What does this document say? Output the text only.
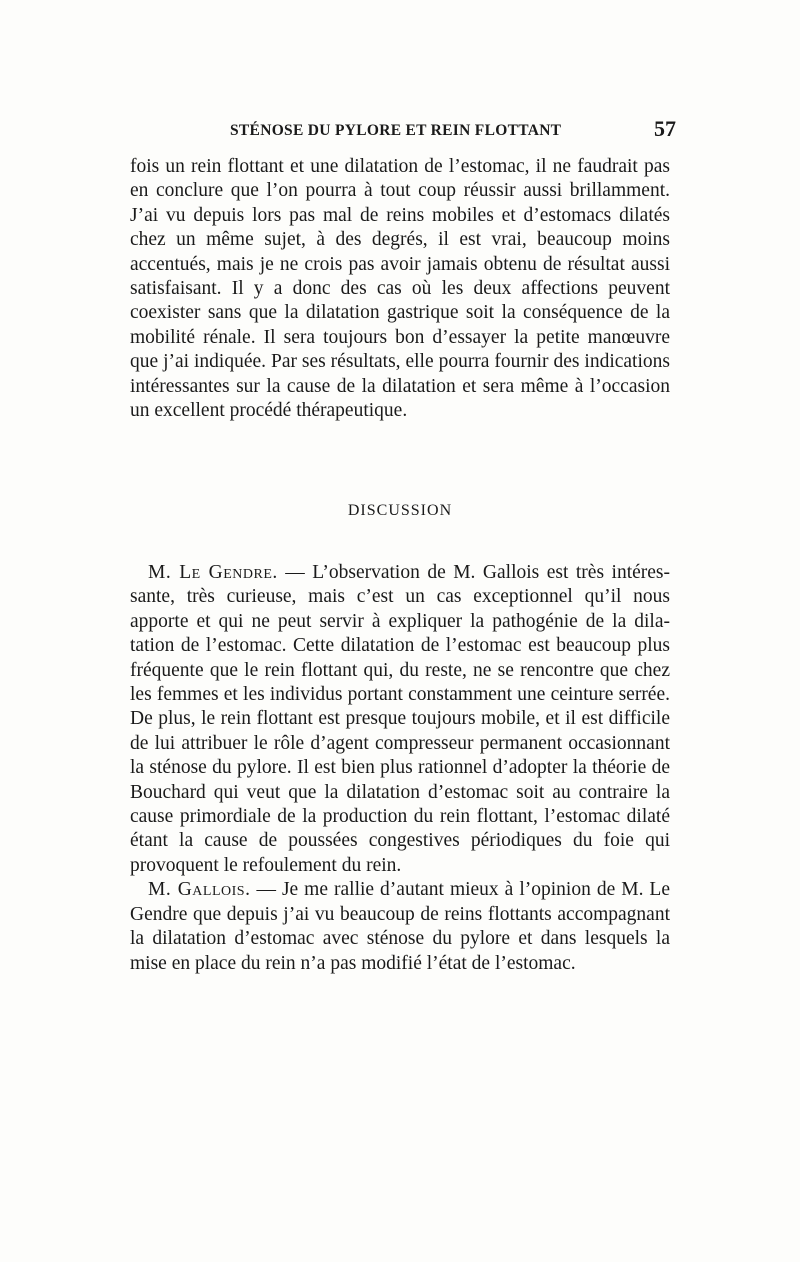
STÉNOSE DU PYLORE ET REIN FLOTTANT	57

fois un rein flottant et une dilatation de l’estomac, il ne faudrait pas en conclure que l’on pourra à tout coup réussir aussi brillamment. J’ai vu depuis lors pas mal de reins mobiles et d’estomacs dilatés chez un même sujet, à des degrés, il est vrai, beaucoup moins accentués, mais je ne crois pas avoir jamais obtenu de résultat aussi satisfaisant. Il y a donc des cas où les deux affections peuvent coexister sans que la dilatation gastrique soit la conséquence de la mobilité rénale. Il sera toujours bon d’essayer la petite manœuvre que j’ai indiquée. Par ses résultats, elle pourra fournir des indications intéressantes sur la cause de la dilatation et sera même à l’occasion un excellent procédé thérapeutique.

DISCUSSION

M. Le Gendre. — L’observation de M. Gallois est très intéressante, très curieuse, mais c’est un cas exceptionnel qu’il nous apporte et qui ne peut servir à expliquer la pathogénie de la dilatation de l’estomac. Cette dilatation de l’estomac est beaucoup plus fréquente que le rein flottant qui, du reste, ne se rencontre que chez les femmes et les individus portant constamment une ceinture serrée. De plus, le rein flottant est presque toujours mobile, et il est difficile de lui attribuer le rôle d’agent compresseur permanent occasionnant la sténose du pylore. Il est bien plus rationnel d’adopter la théorie de Bouchard qui veut que la dilatation d’estomac soit au contraire la cause primordiale de la production du rein flottant, l’estomac dilaté étant la cause de poussées congestives périodiques du foie qui provoquent le refoulement du rein.

M. Gallois. — Je me rallie d’autant mieux à l’opinion de M. Le Gendre que depuis j’ai vu beaucoup de reins flottants accompagnant la dilatation d’estomac avec sténose du pylore et dans lesquels la mise en place du rein n’a pas modifié l’état de l’estomac.
